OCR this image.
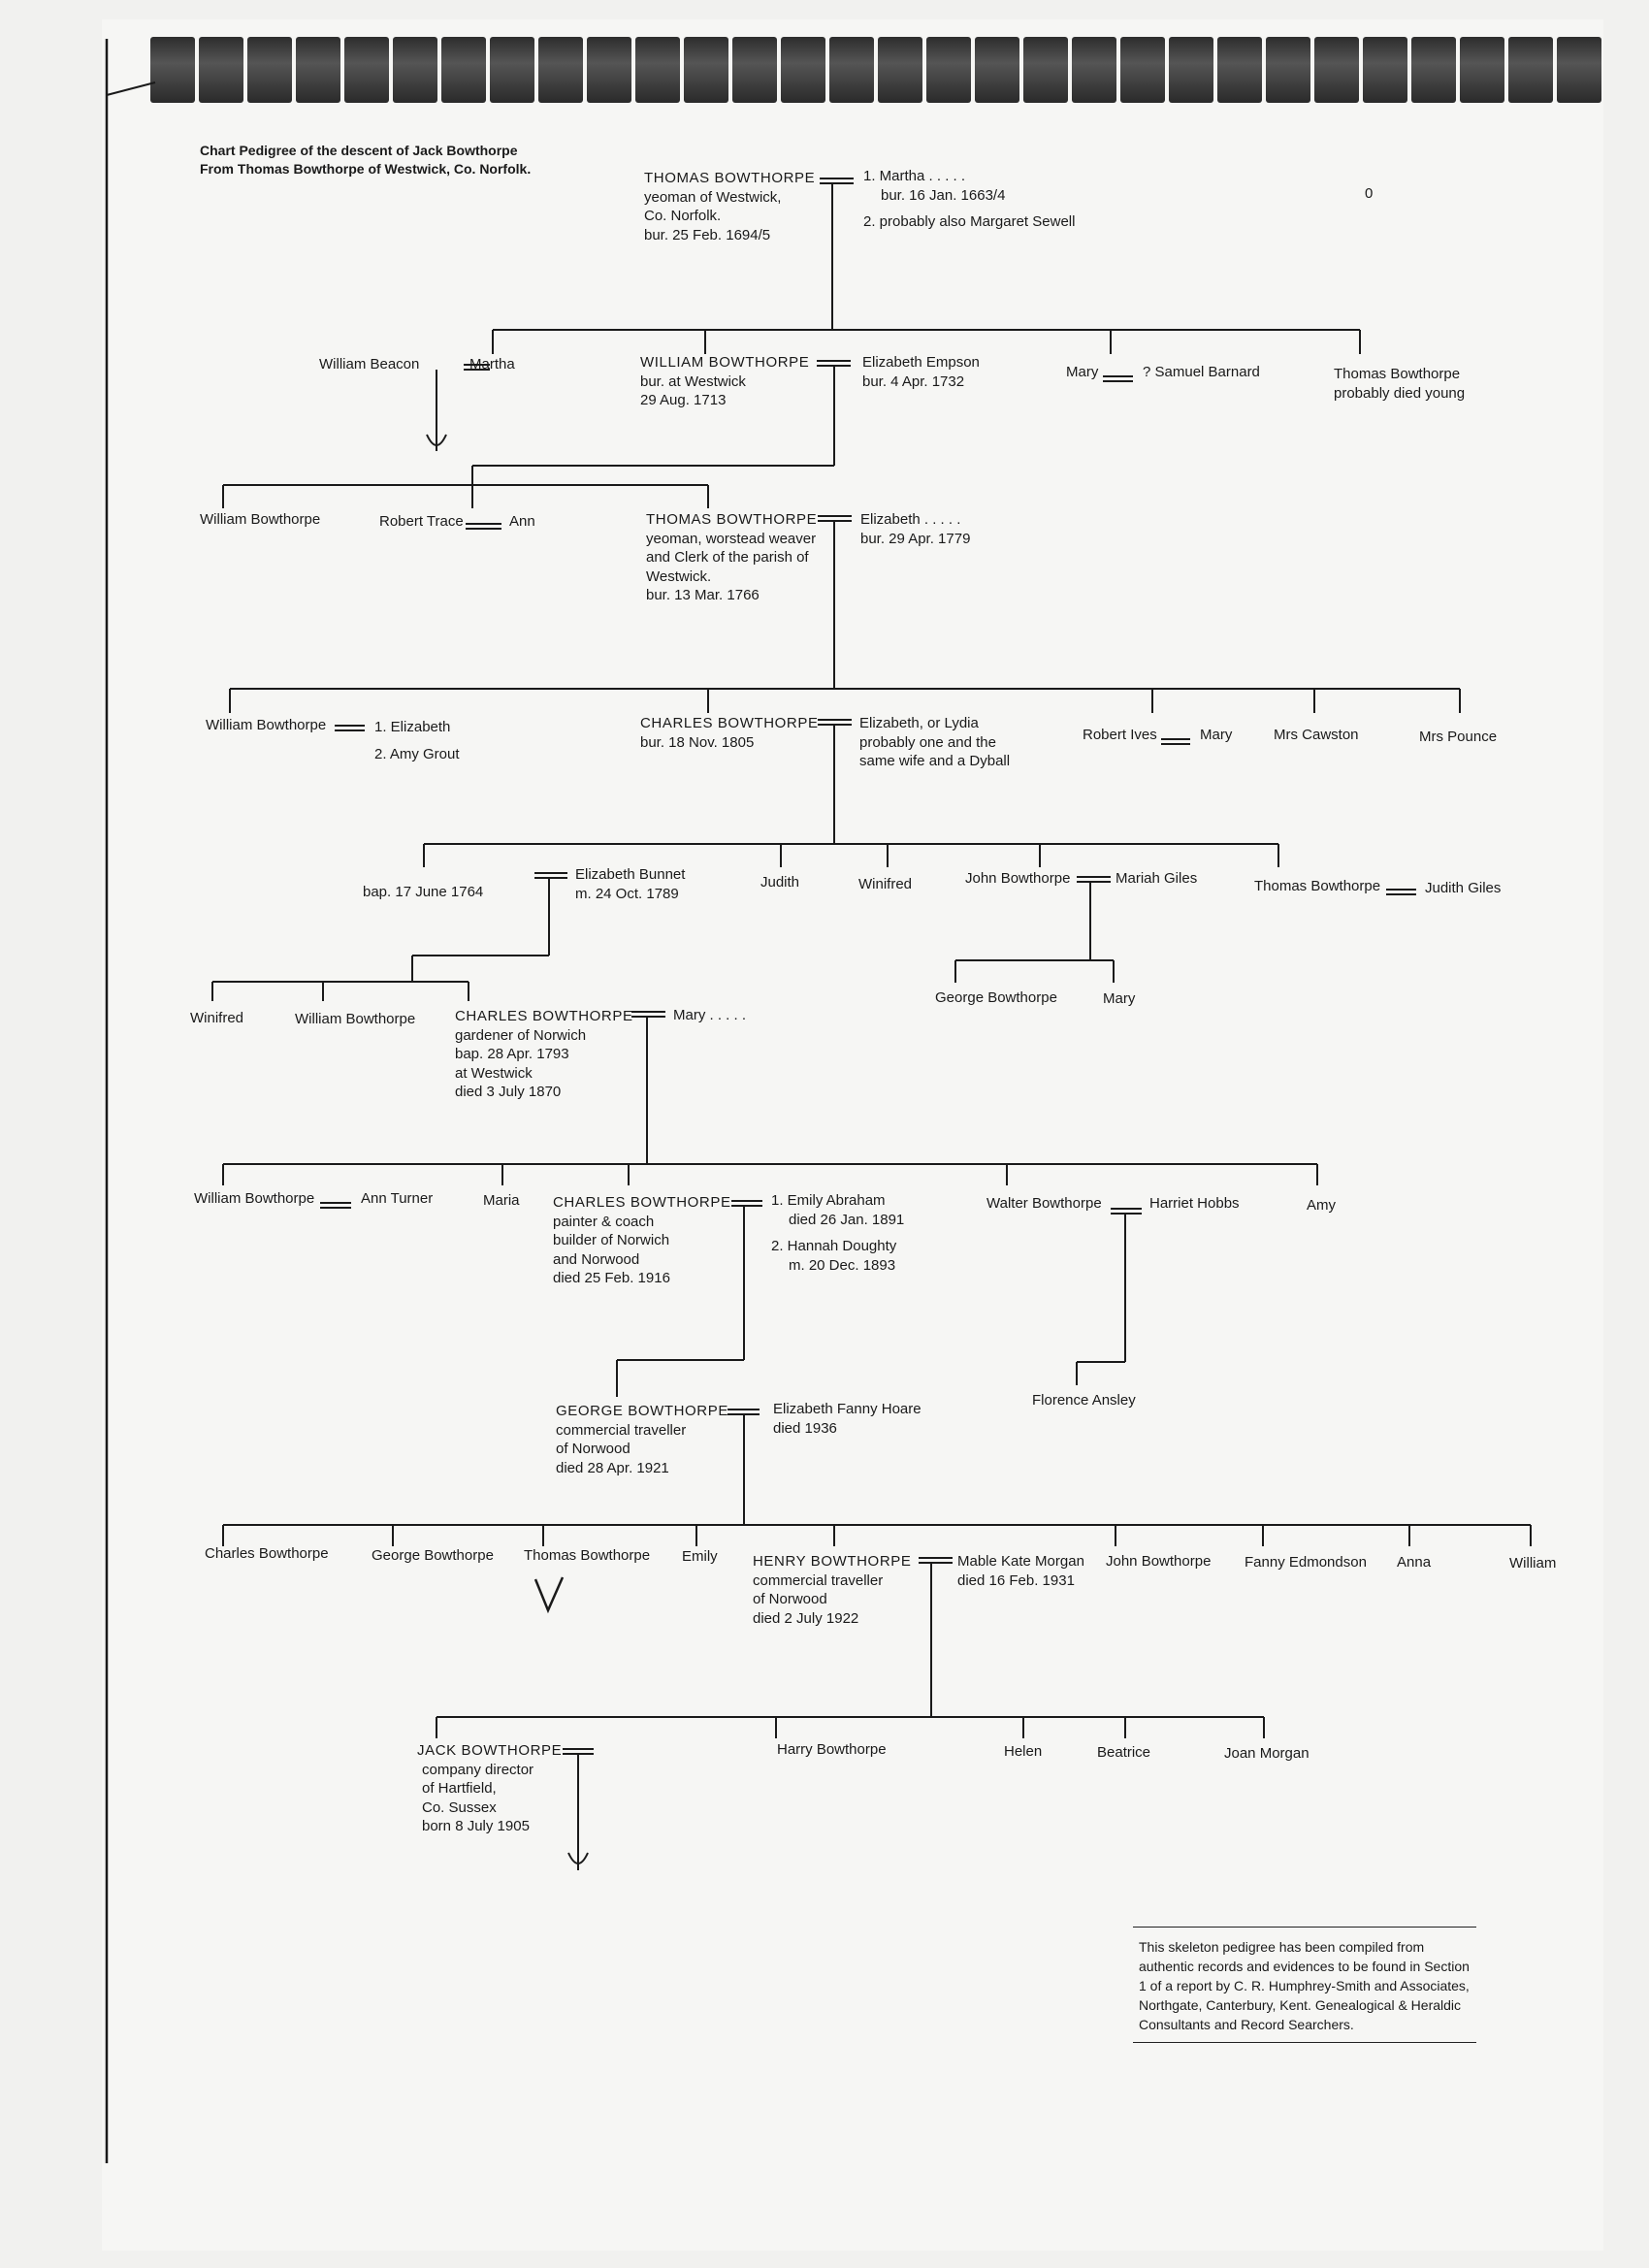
Chart Pedigree of the descent of Jack Bowthorpe
From Thomas Bowthorpe of Westwick, Co. Norfolk.
0
THOMAS BOWTHORPE
yeoman of Westwick,
Co. Norfolk.
bur. 25 Feb. 1694/5
1. Martha . . . . .
bur. 16 Jan. 1663/4
2. probably also Margaret Sewell
William Beacon	Martha	WILLIAM BOWTHORPE
bur. at Westwick
29 Aug. 1713
Elizabeth Empson
bur. 4 Apr. 1732
Mary	? Samuel Barnard	Thomas Bowthorpe
probably died young
William Bowthorpe	Robert Trace	Ann	THOMAS BOWTHORPE
yeoman, worstead weaver
and Clerk of the parish of
Westwick.
bur. 13 Mar. 1766
Elizabeth . . . . .
bur. 29 Apr. 1779
William Bowthorpe	1. Elizabeth
2. Amy Grout
CHARLES BOWTHORPE
bur. 18 Nov. 1805
Elizabeth, or Lydia
probably one and the
same wife and a Dyball
Robert Ives	Mary	Mrs Cawston	Mrs Pounce
bap. 17 June 1764
Elizabeth Bunnet
m. 24 Oct. 1789
Judith	Winifred	John Bowthorpe	Mariah Giles	Thomas Bowthorpe	Judith Giles
Winifred	William Bowthorpe	CHARLES BOWTHORPE
gardener of Norwich
bap. 28 Apr. 1793
at Westwick
died 3 July 1870
Mary . . . . .
George Bowthorpe	Mary
William Bowthorpe	Ann Turner	Maria CHARLES BOWTHORPE
painter & coach
builder of Norwich
and Norwood
died 25 Feb. 1916
1. Emily Abraham
died 26 Jan. 1891
2. Hannah Doughty
m. 20 Dec. 1893
Walter Bowthorpe	Harriet Hobbs	Amy
Florence Ansley
GEORGE BOWTHORPE
commercial traveller
of Norwood
died 28 Apr. 1921
Elizabeth Fanny Hoare
died 1936
Charles Bowthorpe	George Bowthorpe Thomas Bowthorpe Emily HENRY BOWTHORPE
commercial traveller
of Norwood
died 2 July 1922
Mable Kate Morgan
died 16 Feb. 1931
John Bowthorpe Fanny Edmondson Anna	William
JACK BOWTHORPE
company director
of Hartfield,
Co. Sussex
born 8 July 1905
Harry Bowthorpe	Helen	Beatrice	Joan Morgan
This skeleton pedigree has been compiled from authentic records and evidences to be found in Section 1 of a report by C. R. Humphrey-Smith and Associates, Northgate, Canterbury, Kent. Genealogical & Heraldic Consultants and Record Searchers.
